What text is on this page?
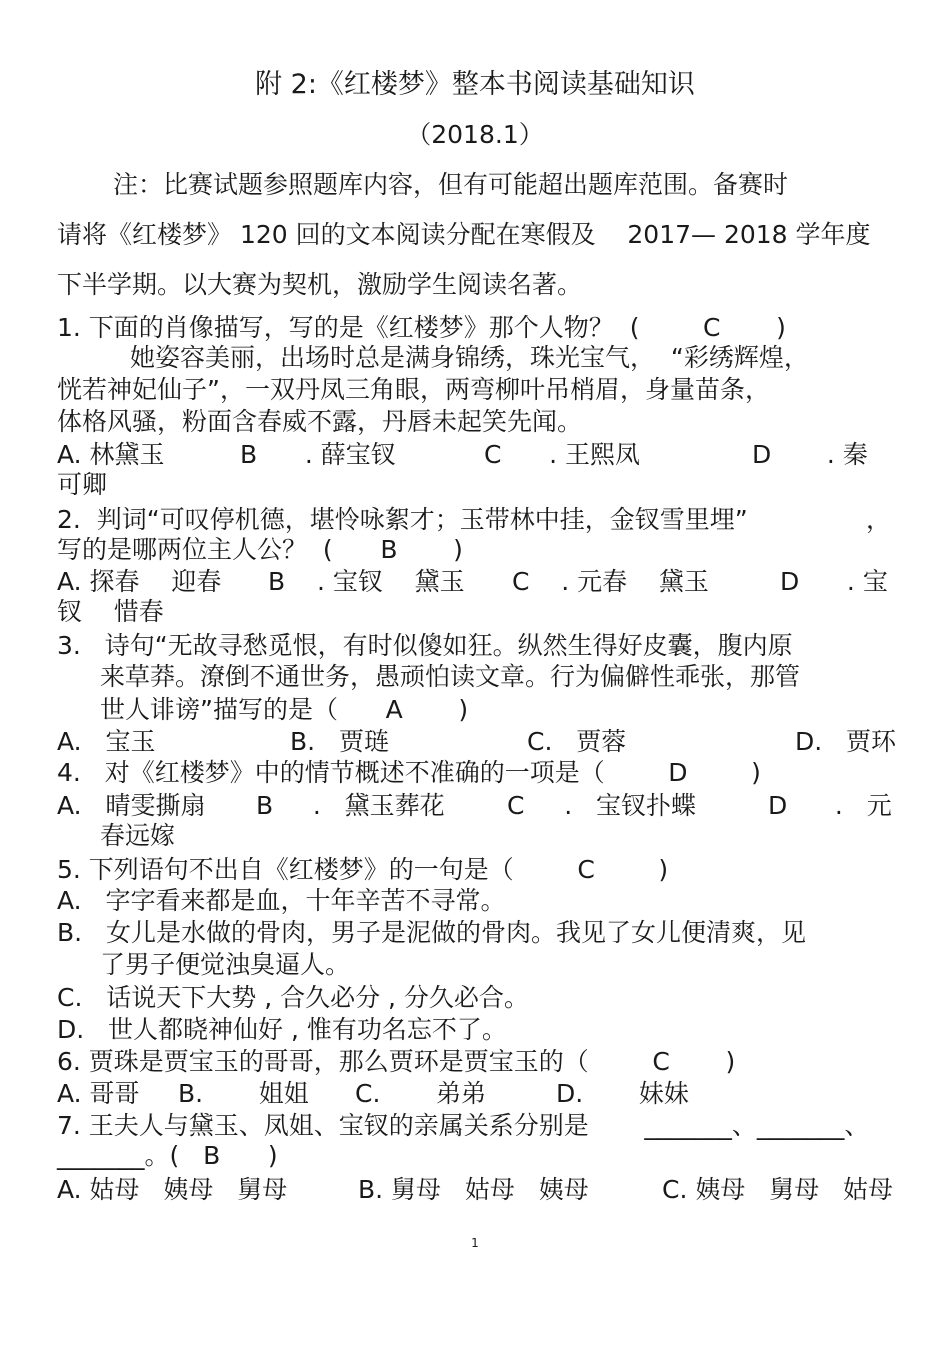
附 2:《红楼梦》整本书阅读基础知识
（2018.1）
注：比赛试题参照题库内容，但有可能超出题库范围。备赛时
请将《红楼梦》 120 回的文本阅读分配在寒假及    2017— 2018 学年度
下半学期。以大赛为契机，激励学生阅读名著。
1. 下面的肖像描写，写的是《红楼梦》那个人物？  (        C       )
她姿容美丽，出场时总是满身锦绣，珠光宝气，  “彩绣辉煌，
恍若神妃仙子”，一双丹凤三角眼，两弯柳叶吊梢眉，身量苗条，
体格风骚，粉面含春威不露，丹唇未起笑先闻。
A. 林黛玉	B      . 薛宝钗	C      . 王熙凤	D       . 秦
可卿
2.  判词“可叹停机德，堪怜咏絮才；玉带林中挂，金钗雪里埋”	，
写的是哪两位主人公？  (      B       )
A. 探春    迎春 B    . 宝钗    黛玉 C    . 元春    黛玉	D      . 宝
钗    惜春
3.   诗句“无故寻愁觅恨，有时似傻如狂。纵然生得好皮囊，腹内原
来草莽。潦倒不通世务，愚顽怕读文章。行为偏僻性乖张，那管
世人诽谤”描写的是（      A       )
A.   宝玉	B.   贾琏	C.   贾蓉	D.   贾环
4.   对《红楼梦》中的情节概述不准确的一项是（        D        )
A.   晴雯撕扇 B     .   黛玉葬花 C     .   宝钗扑蝶	D      .   元
春远嫁
5. 下列语句不出自《红楼梦》的一句是（        C        )
A.   字字看来都是血，十年辛苦不寻常。
B.   女儿是水做的骨肉，男子是泥做的骨肉。我见了女儿便清爽，见
了男子便觉浊臭逼人。
C.   话说天下大势 , 合久必分 , 分久必合。
D.   世人都晓神仙好 , 惟有功名忘不了。
6. 贾珠是贾宝玉的哥哥，那么贾环是贾宝玉的（        C       )
A. 哥哥 B.       姐姐 C.       弟弟	D.       妹妹
7. 王夫人与黛玉、凤姐、宝钗的亲属关系分别是       _______、_______、
_______。(   B      )
A. 姑母   姨母   舅母	B. 舅母   姑母   姨母	C. 姨母   舅母   姑母
1
